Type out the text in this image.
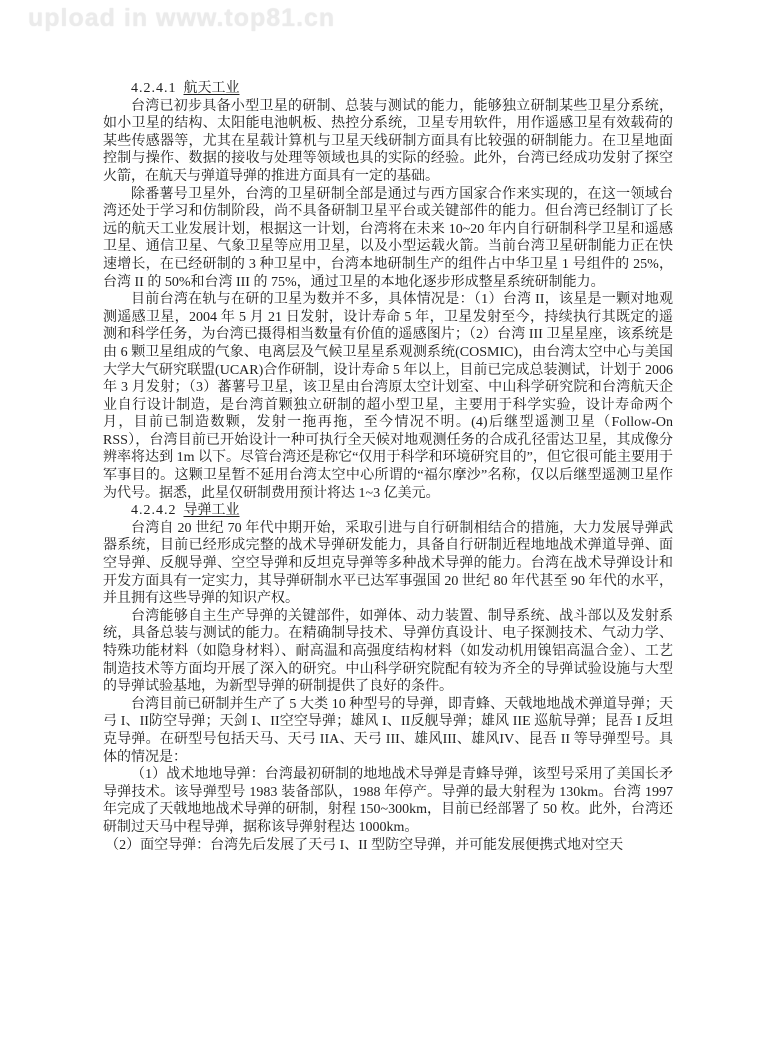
upload in www.top81.cn

4.2.4.1 航天工业

台湾已初步具备小型卫星的研制、总装与测试的能力，能够独立研制某些卫星分系统，如小卫星的结构、太阳能电池帆板、热控分系统，卫星专用软件，用作遥感卫星有效载荷的某些传感器等，尤其在星载计算机与卫星天线研制方面具有比较强的研制能力。在卫星地面控制与操作、数据的接收与处理等领域也具的实际的经验。此外，台湾已经成功发射了探空火箭，在航天与弹道导弹的推进方面具有一定的基础。

除番薯号卫星外，台湾的卫星研制全部是通过与西方国家合作来实现的，在这一领域台湾还处于学习和仿制阶段，尚不具备研制卫星平台或关键部件的能力。但台湾已经制订了长远的航天工业发展计划，根据这一计划，台湾将在未来 10~20 年内自行研制科学卫星和遥感卫星、通信卫星、气象卫星等应用卫星，以及小型运载火箭。当前台湾卫星研制能力正在快速增长，在已经研制的 3 种卫星中，台湾本地研制生产的组件占中华卫星 1 号组件的 25%，台湾 II 的 50%和台湾 III 的 75%，通过卫星的本地化逐步形成整星系统研制能力。

目前台湾在轨与在研的卫星为数并不多，具体情况是：（1）台湾 II，该星是一颗对地观测遥感卫星，2004 年 5 月 21 日发射，设计寿命 5 年，卫星发射至今，持续执行其既定的遥测和科学任务，为台湾已摄得相当数量有价值的遥感图片；（2）台湾 III 卫星星座，该系统是由 6 颗卫星组成的气象、电离层及气候卫星星系观测系统(COSMIC)，由台湾太空中心与美国大学大气研究联盟(UCAR)合作研制，设计寿命 5 年以上，目前已完成总装测试，计划于 2006 年 3 月发射；（3）蕃薯号卫星，该卫星由台湾原太空计划室、中山科学研究院和台湾航天企业自行设计制造，是台湾首颗独立研制的超小型卫星，主要用于科学实验，设计寿命两个月，目前已制造数颗，发射一拖再拖，至今情况不明。(4)后继型遥测卫星（Follow-On RSS），台湾目前已开始设计一种可执行全天候对地观测任务的合成孔径雷达卫星，其成像分辨率将达到 1m 以下。尽管台湾还是称它“仅用于科学和环境研究目的”，但它很可能主要用于军事目的。这颗卫星暂不延用台湾太空中心所谓的“福尔摩沙”名称，仅以后继型遥测卫星作为代号。据悉，此星仅研制费用预计将达 1~3 亿美元。

4.2.4.2 导弹工业

台湾自 20 世纪 70 年代中期开始，采取引进与自行研制相结合的措施，大力发展导弹武器系统，目前已经形成完整的战术导弹研发能力，具备自行研制近程地地战术弹道导弹、面空导弹、反舰导弹、空空导弹和反坦克导弹等多种战术导弹的能力。台湾在战术导弹设计和开发方面具有一定实力，其导弹研制水平已达军事强国 20 世纪 80 年代甚至 90 年代的水平，并且拥有这些导弹的知识产权。

台湾能够自主生产导弹的关键部件，如弹体、动力装置、制导系统、战斗部以及发射系统，具备总装与测试的能力。在精确制导技术、导弹仿真设计、电子探测技术、气动力学、特殊功能材料（如隐身材料）、耐高温和高强度结构材料（如发动机用镍铝高温合金）、工艺制造技术等方面均开展了深入的研究。中山科学研究院配有较为齐全的导弹试验设施与大型的导弹试验基地，为新型导弹的研制提供了良好的条件。

台湾目前已研制并生产了 5 大类 10 种型号的导弹，即青蜂、天戟地地战术弹道导弹；天弓 I、II防空导弹；天剑 I、II空空导弹；雄风 I、II反舰导弹；雄风 IIE 巡航导弹；昆吾 I 反坦克导弹。在研型号包括天马、天弓 IIA、天弓 III、雄风III、雄风IV、昆吾 II 等导弹型号。具体的情况是：

（1）战术地地导弹：台湾最初研制的地地战术导弹是青蜂导弹，该型号采用了美国长矛导弹技术。该导弹型号 1983 装备部队，1988 年停产。导弹的最大射程为 130km。台湾 1997 年完成了天戟地地战术导弹的研制，射程 150~300km，目前已经部署了 50 枚。此外，台湾还研制过天马中程导弹，据称该导弹射程达 1000km。

（2）面空导弹：台湾先后发展了天弓 I、II 型防空导弹，并可能发展便携式地对空天
